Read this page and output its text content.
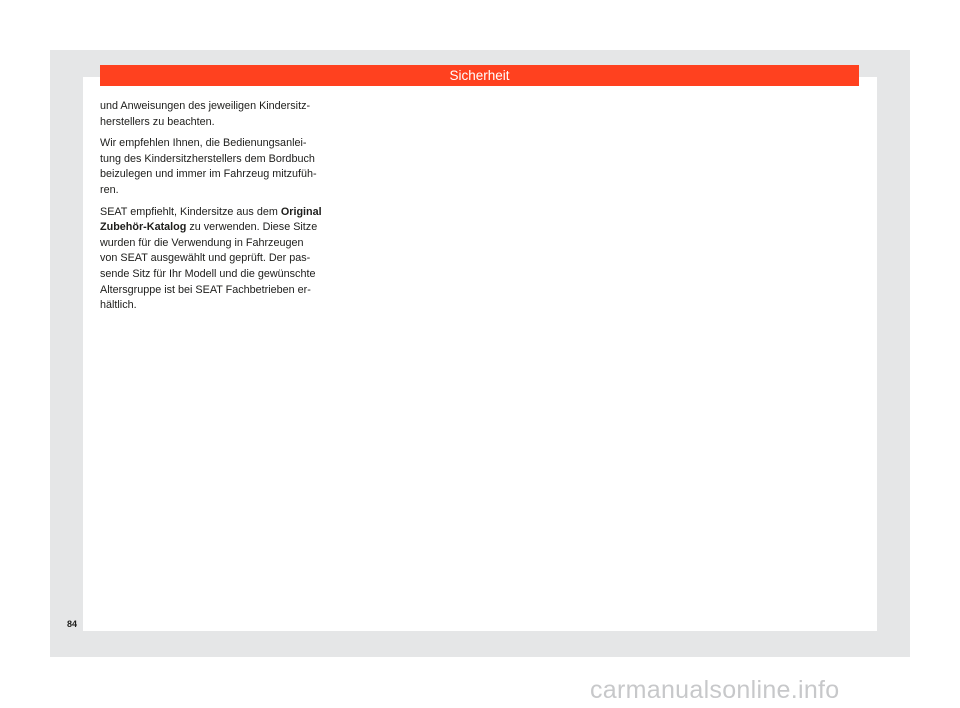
Sicherheit

und Anweisungen des jeweiligen Kindersitz-
herstellers zu beachten.

Wir empfehlen Ihnen, die Bedienungsanlei-
tung des Kindersitzherstellers dem Bordbuch
beizulegen und immer im Fahrzeug mitzufüh-
ren.

SEAT empfiehlt, Kindersitze aus dem Original
Zubehör-Katalog zu verwenden. Diese Sitze
wurden für die Verwendung in Fahrzeugen
von SEAT ausgewählt und geprüft. Der pas-
sende Sitz für Ihr Modell und die gewünschte
Altersgruppe ist bei SEAT Fachbetrieben er-
hältlich.

84
carmanualsonline.info
